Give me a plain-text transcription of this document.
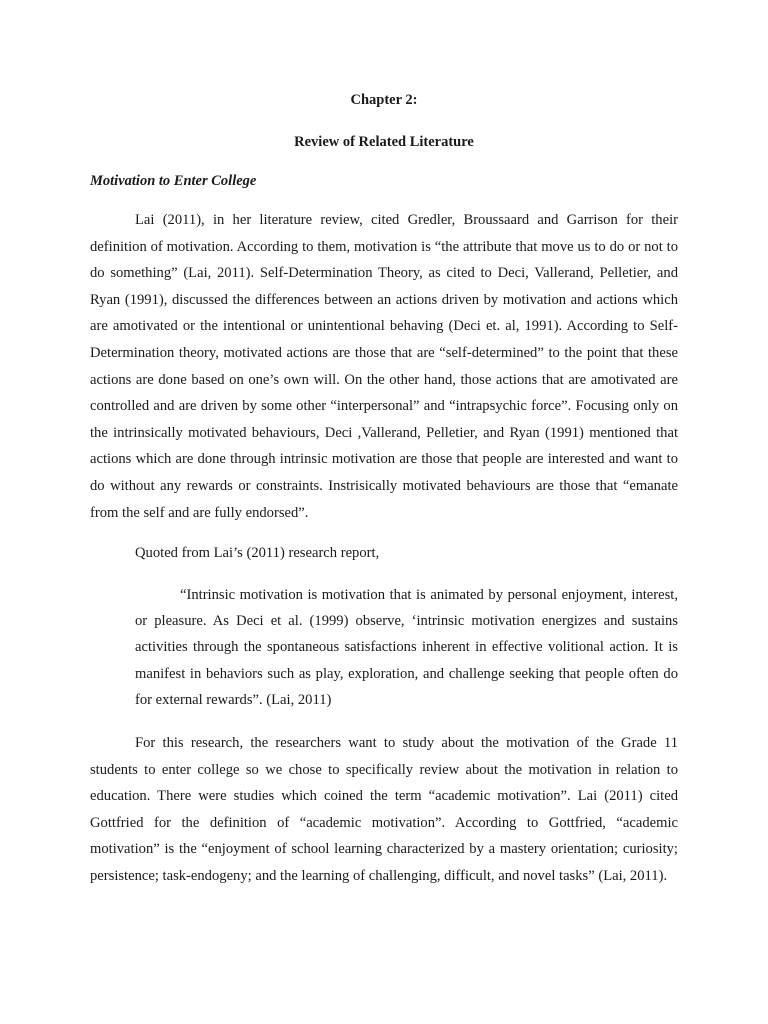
Chapter 2:
Review of Related Literature
Motivation to Enter College

Lai (2011), in her literature review, cited Gredler, Broussaard and Garrison for their definition of motivation. According to them, motivation is “the attribute that move us to do or not to do something” (Lai, 2011). Self-Determination Theory, as cited to Deci, Vallerand, Pelletier, and Ryan (1991), discussed the differences between an actions driven by motivation and actions which are amotivated or the intentional or unintentional behaving (Deci et. al, 1991). According to Self-Determination theory, motivated actions are those that are “self-determined” to the point that these actions are done based on one’s own will. On the other hand, those actions that are amotivated are controlled and are driven by some other “interpersonal” and “intrapsychic force”. Focusing only on the intrinsically motivated behaviours, Deci ,Vallerand, Pelletier, and Ryan (1991) mentioned that actions which are done through intrinsic motivation are those that people are interested and want to do without any rewards or constraints. Instrisically motivated behaviours are those that “emanate from the self and are fully endorsed”.

Quoted from Lai’s (2011) research report,

“Intrinsic motivation is motivation that is animated by personal enjoyment, interest, or pleasure. As Deci et al. (1999) observe, ‘intrinsic motivation energizes and sustains activities through the spontaneous satisfactions inherent in effective volitional action. It is manifest in behaviors such as play, exploration, and challenge seeking that people often do for external rewards”. (Lai, 2011)

For this research, the researchers want to study about the motivation of the Grade 11 students to enter college so we chose to specifically review about the motivation in relation to education. There were studies which coined the term “academic motivation”. Lai (2011) cited Gottfried for the definition of “academic motivation”. According to Gottfried, “academic motivation” is the “enjoyment of school learning characterized by a mastery orientation; curiosity; persistence; task-endogeny; and the learning of challenging, difficult, and novel tasks” (Lai, 2011).
